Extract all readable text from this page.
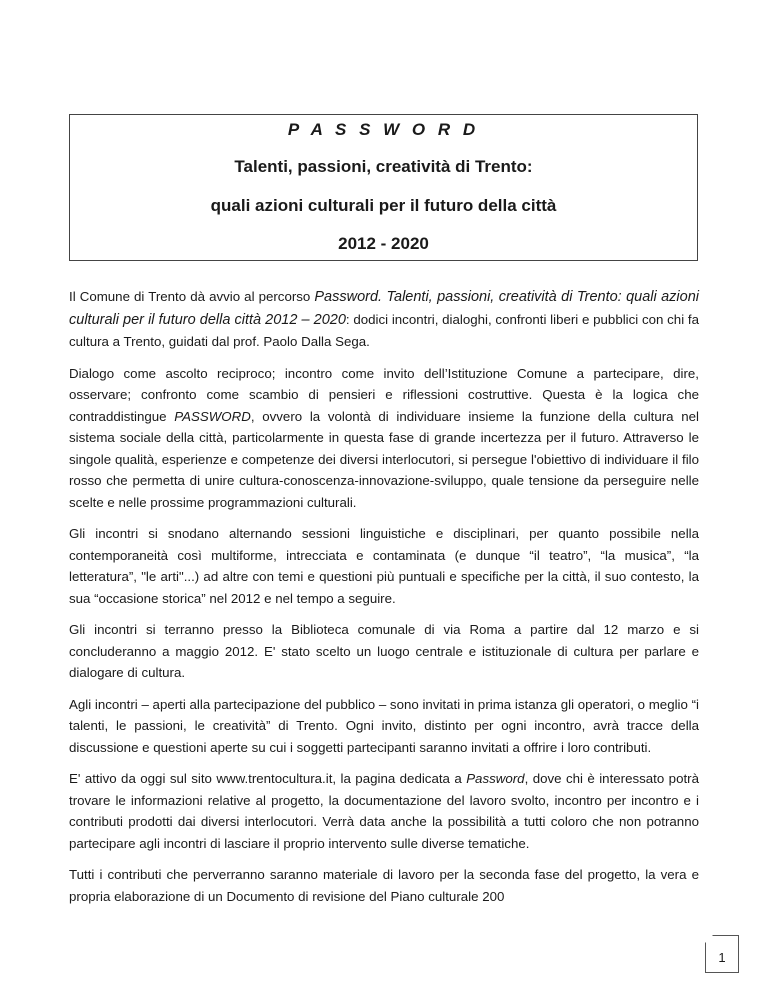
P A S S W O R D
Talenti, passioni, creatività di Trento:
quali azioni culturali per il futuro della città
2012 - 2020

Il Comune di Trento dà avvio al percorso Password. Talenti, passioni, creatività di Trento: quali azioni culturali per il futuro della città 2012 – 2020: dodici incontri, dialoghi, confronti liberi e pubblici con chi fa cultura a Trento, guidati dal prof. Paolo Dalla Sega.

Dialogo come ascolto reciproco; incontro come invito dell’Istituzione Comune a partecipare, dire, osservare; confronto come scambio di pensieri e riflessioni costruttive. Questa è la logica che contraddistingue PASSWORD, ovvero la volontà di individuare insieme la funzione della cultura nel sistema sociale della città, particolarmente in questa fase di grande incertezza per il futuro. Attraverso le singole qualità, esperienze e competenze dei diversi interlocutori, si persegue l'obiettivo di individuare il filo rosso che permetta di unire cultura-conoscenza-innovazione-sviluppo, quale tensione da perseguire nelle scelte e nelle prossime programmazioni culturali.

Gli incontri si snodano alternando sessioni linguistiche e disciplinari, per quanto possibile nella contemporaneità così multiforme, intrecciata e contaminata (e dunque “il teatro”, “la musica”, “la letteratura”, "le arti"...) ad altre con temi e questioni più puntuali e specifiche per la città, il suo contesto, la sua “occasione storica” nel 2012 e nel tempo a seguire.

Gli incontri si terranno presso la Biblioteca comunale di via Roma a partire dal 12 marzo e si concluderanno a maggio 2012. E' stato scelto un luogo centrale e istituzionale di cultura per parlare e dialogare di cultura.

Agli incontri – aperti alla partecipazione del pubblico – sono invitati in prima istanza gli operatori, o meglio “i talenti, le passioni, le creatività” di Trento. Ogni invito, distinto per ogni incontro, avrà tracce della discussione e questioni aperte su cui i soggetti partecipanti saranno invitati a offrire i loro contributi.

E' attivo da oggi sul sito www.trentocultura.it, la pagina dedicata a Password, dove chi è interessato potrà trovare le informazioni relative al progetto, la documentazione del lavoro svolto, incontro per incontro e i contributi prodotti dai diversi interlocutori. Verrà data anche la possibilità a tutti coloro che non potranno partecipare agli incontri di lasciare il proprio intervento sulle diverse tematiche.

Tutti i contributi che perverranno saranno materiale di lavoro per la seconda fase del progetto, la vera e propria elaborazione di un Documento di revisione del Piano culturale 200

1
